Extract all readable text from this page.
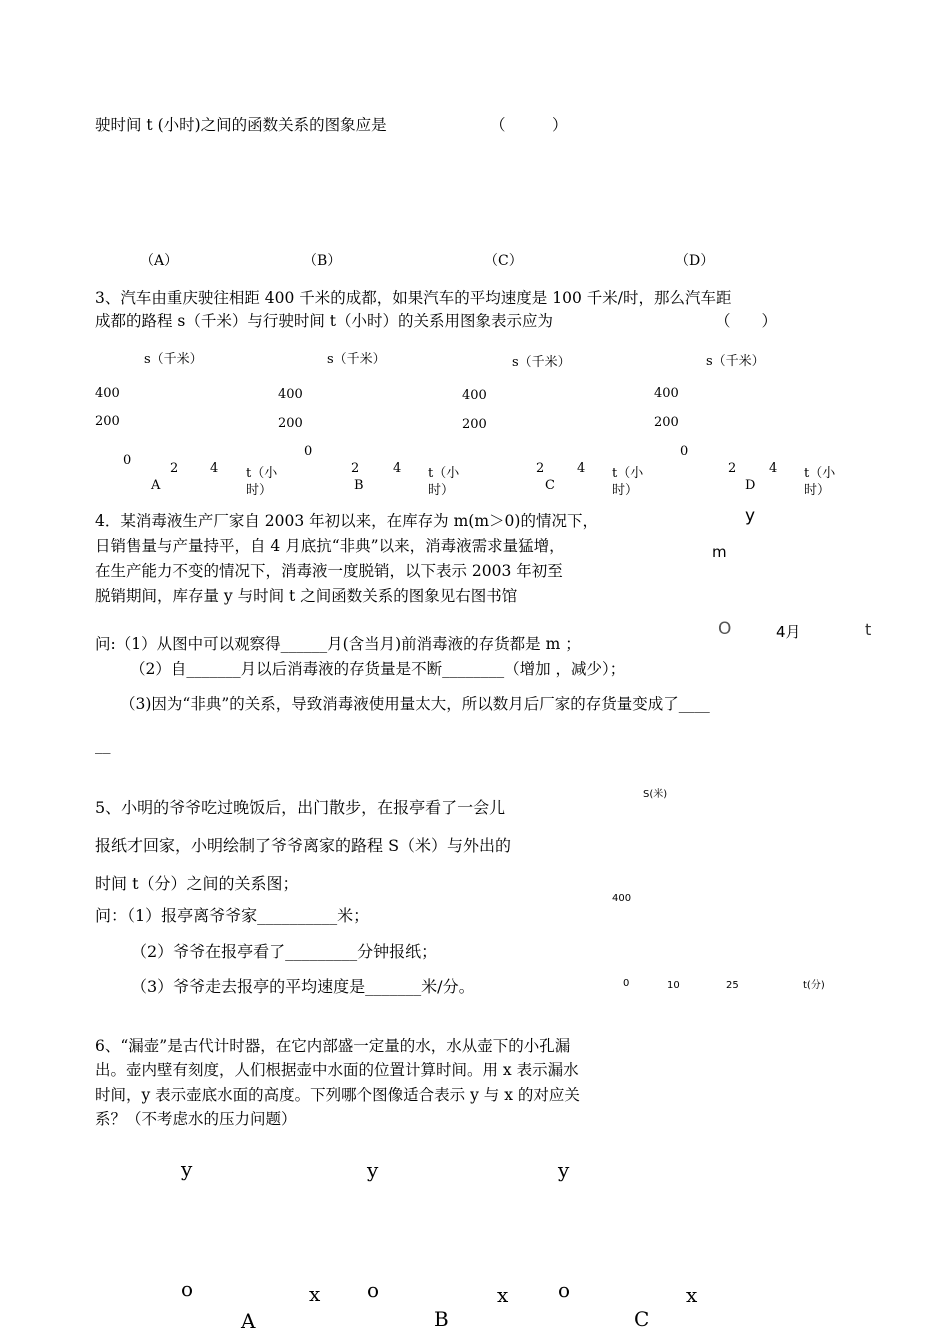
驶时间 t (小时)之间的函数关系的图象应是	（　　　）
（A）	（B）	（C）	（D）
3、汽车由重庆驶往相距 400 千米的成都，如果汽车的平均速度是 100 千米/时，那么汽车距
成都的路程 s（千米）与行驶时间 t（小时）的关系用图象表示应为	（　　）
s（千米）
400
200
0
2 4 t（小
时）
A
s（千米）
400
200
0
2	4 t（小
时）
B
s（千米）
400
200
2	4 t（小
时）
C
s（千米）
400
200
0
2	4 t（小
时）
D
4．某消毒液生产厂家自 2003 年初以来，在库存为 m(m＞0)的情况下，
日销售量与产量持平，自 4 月底抗“非典”以来，消毒液需求量猛增，
在生产能力不变的情况下，消毒液一度脱销，以下表示 2003 年初至
脱销期间，库存量 y 与时间 t 之间函数关系的图象见右图书馆
问:（1）从图中可以观察得______月(含当月)前消毒液的存货都是 m ；
（2）自_______月以后消毒液的存货量是不断________（增加 ，减少）；
（3)因为“非典”的关系，导致消毒液使用量太大，所以数月后厂家的存货量变成了____
__
y
m
O	4月	t
5、小明的爷爷吃过晚饭后，出门散步，在报亭看了一会儿
报纸才回家，小明绘制了爷爷离家的路程 S（米）与外出的
时间 t（分）之间的关系图；
问：（1）报亭离爷爷家__________米；
（2）爷爷在报亭看了_________分钟报纸；
（3）爷爷走去报亭的平均速度是_______米/分。
S(米)
400
0	10	25	t(分)
6、“漏壶”是古代计时器，在它内部盛一定量的水，水从壶下的小孔漏
出。壶内壁有刻度，人们根据壶中水面的位置计算时间。用 x 表示漏水
时间，y 表示壶底水面的高度。下列哪个图像适合表示 y 与 x 的对应关
系？（不考虑水的压力问题）
y
o	x
A
y
o	x
B
y
o	x
C
